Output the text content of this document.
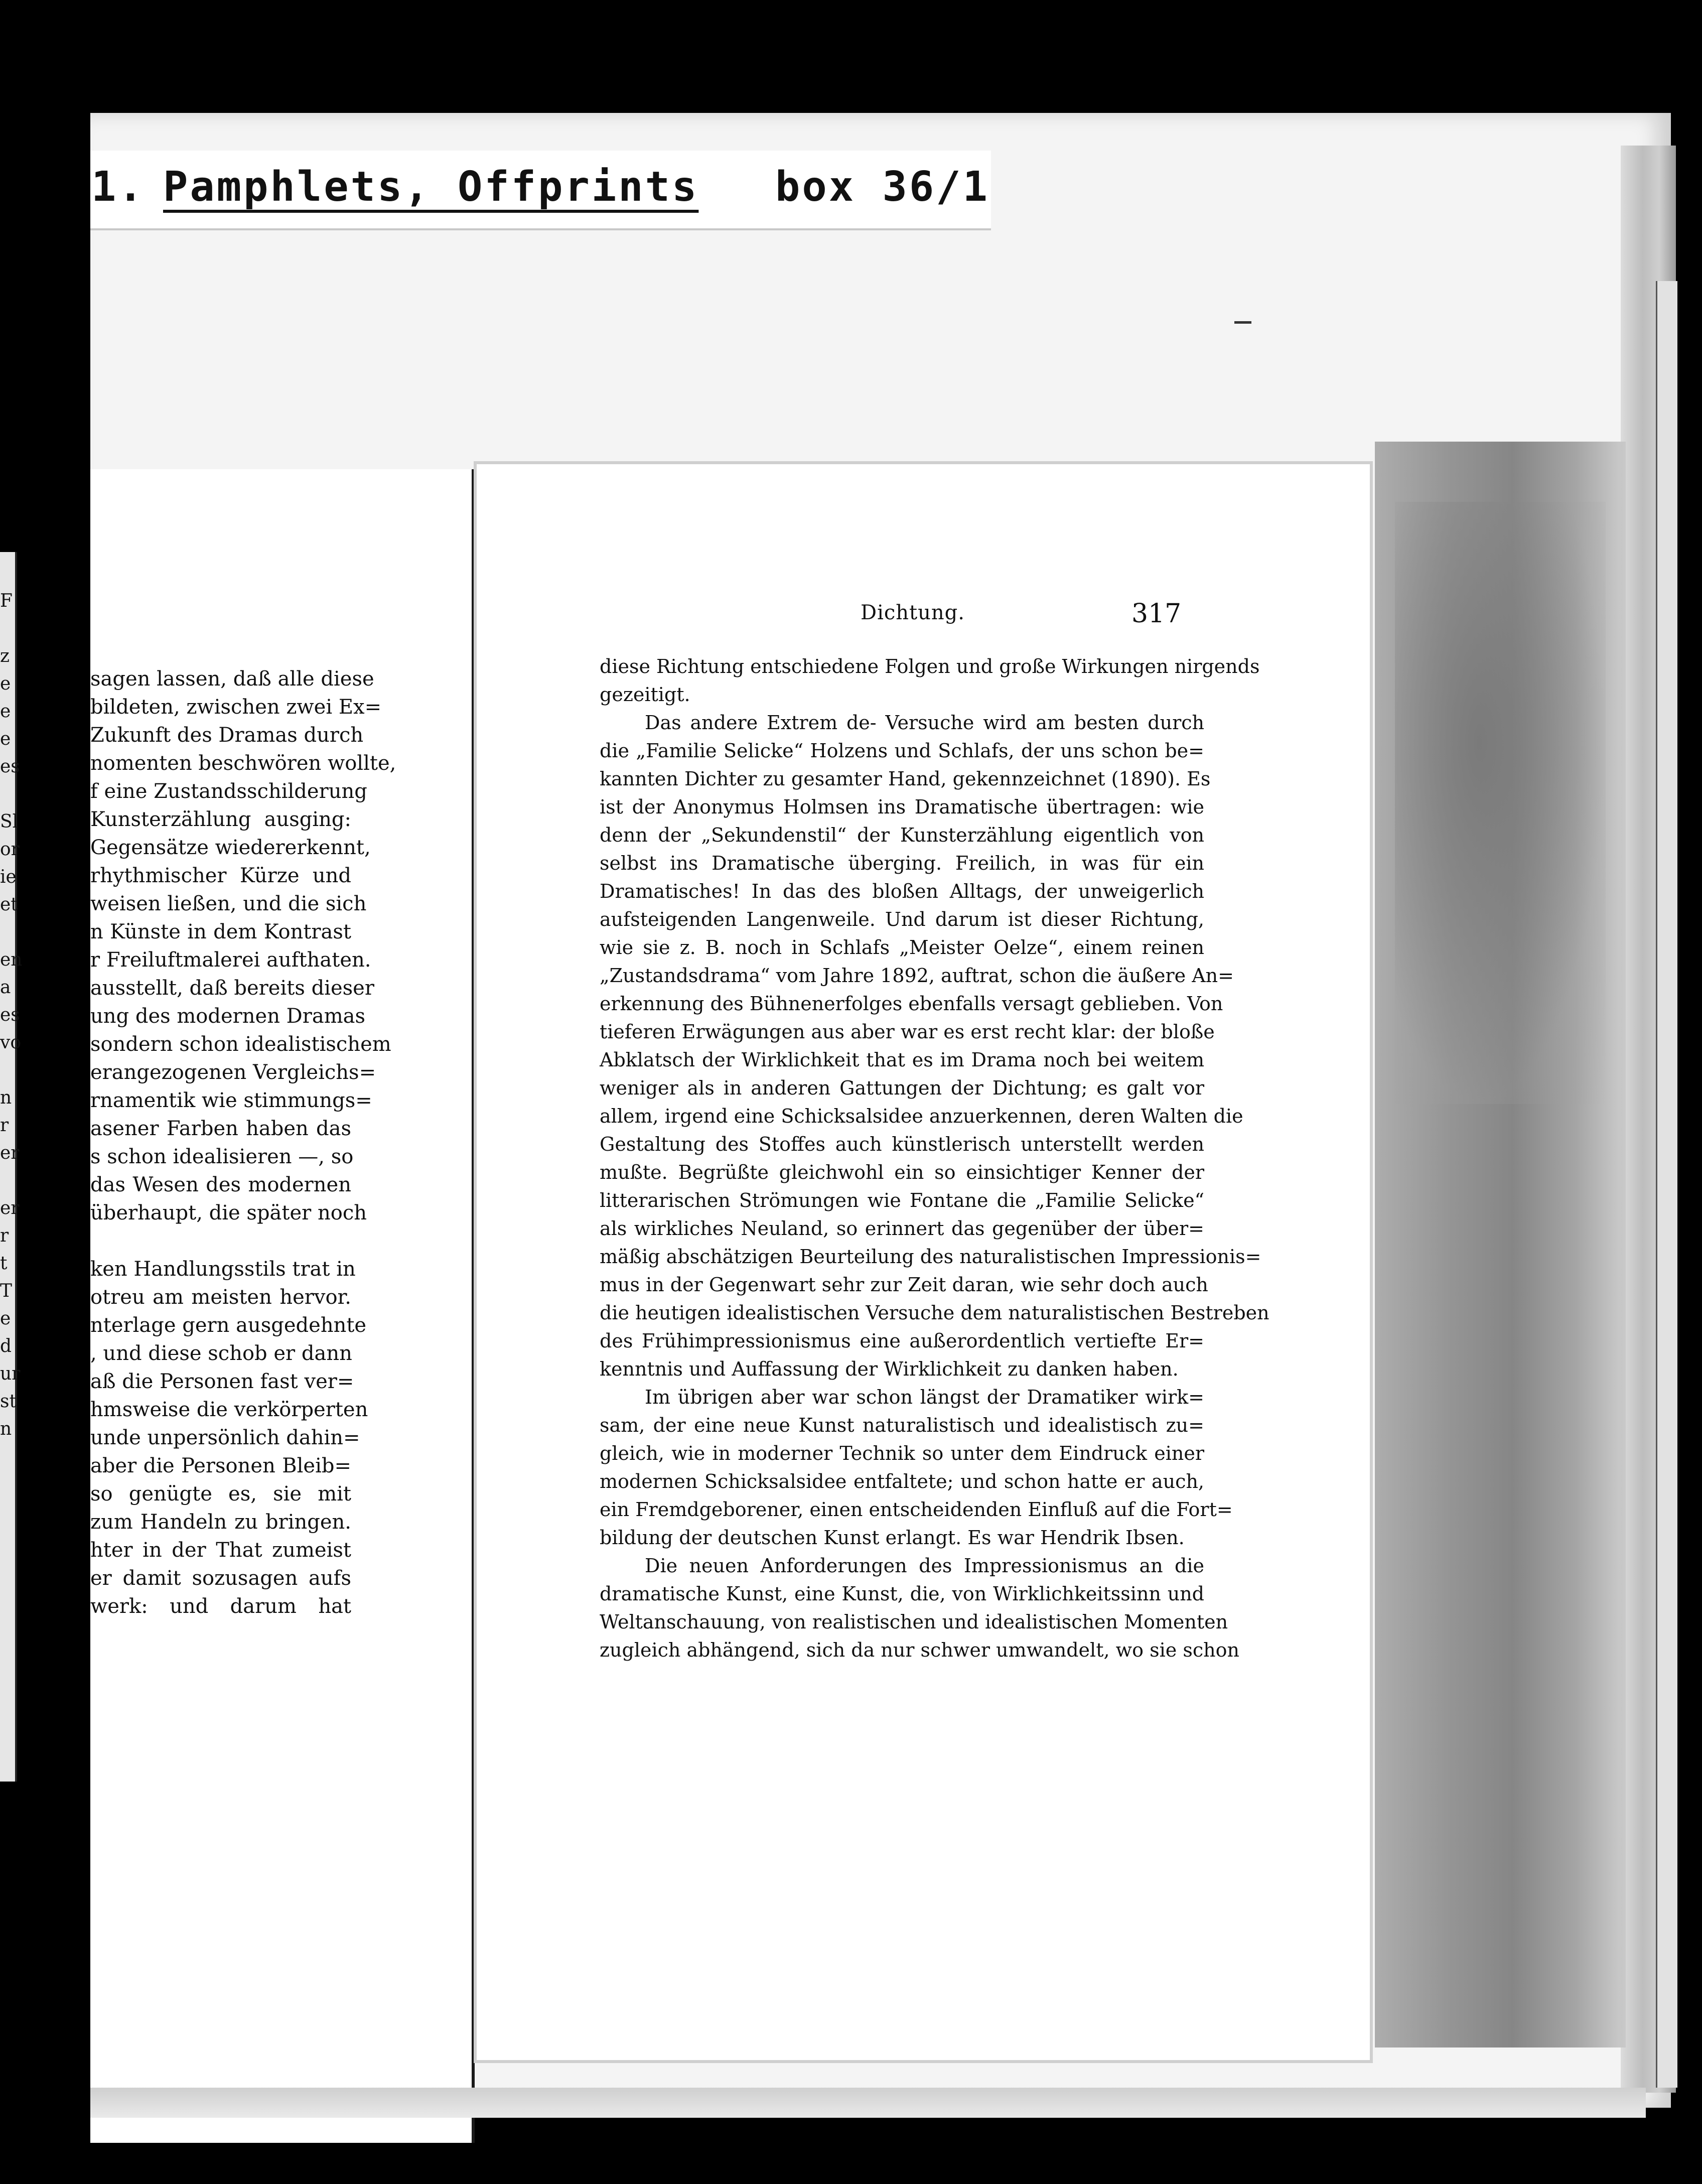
1. Pamphlets, Offprints box 36/1
F
z
e
e
e
es
Sl
or
ie
et
en
a
es
vo
n
r
er
er
r
t
T
e
d
ur
st
n
sagen lassen, daß alle diese
bildeten, zwischen zwei Ex=
Zukunft des Dramas durch
nomenten beschwören wollte,
f eine Zustandsschilderung
Kunsterzählung ausging:
Gegensätze wiedererkennt,
rhythmischer Kürze und
weisen ließen, und die sich
n Künste in dem Kontrast
r Freiluftmalerei aufthaten.
ausstellt, daß bereits dieser
ung des modernen Dramas
sondern schon idealistischem
erangezogenen Vergleichs=
rnamentik wie stimmungs=
asener Farben haben das
s schon idealisieren —, so
das Wesen des modernen
überhaupt, die später noch
ken Handlungsstils trat in
otreu am meisten hervor.
nterlage gern ausgedehnte
, und diese schob er dann
aß die Personen fast ver=
hmsweise die verkörperten
unde unpersönlich dahin=
aber die Personen Bleib=
so genügte es, sie mit
zum Handeln zu bringen.
hter in der That zumeist
er damit sozusagen aufs
werk: und darum hat
Dichtung.	317
diese Richtung entschiedene Folgen und große Wirkungen nirgends
gezeitigt.
Das andere Extrem de- Versuche wird am besten durch
die „Familie Selicke“ Holzens und Schlafs, der uns schon be=
kannten Dichter zu gesamter Hand, gekennzeichnet (1890). Es
ist der Anonymus Holmsen ins Dramatische übertragen: wie
denn der „Sekundenstil“ der Kunsterzählung eigentlich von
selbst ins Dramatische überging. Freilich, in was für ein
Dramatisches! In das des bloßen Alltags, der unweigerlich
aufsteigenden Langenweile. Und darum ist dieser Richtung,
wie sie z. B. noch in Schlafs „Meister Oelze“, einem reinen
„Zustandsdrama“ vom Jahre 1892, auftrat, schon die äußere An=
erkennung des Bühnenerfolges ebenfalls versagt geblieben. Von
tieferen Erwägungen aus aber war es erst recht klar: der bloße
Abklatsch der Wirklichkeit that es im Drama noch bei weitem
weniger als in anderen Gattungen der Dichtung; es galt vor
allem, irgend eine Schicksalsidee anzuerkennen, deren Walten die
Gestaltung des Stoffes auch künstlerisch unterstellt werden
mußte. Begrüßte gleichwohl ein so einsichtiger Kenner der
litterarischen Strömungen wie Fontane die „Familie Selicke“
als wirkliches Neuland, so erinnert das gegenüber der über=
mäßig abschätzigen Beurteilung des naturalistischen Impressionis=
mus in der Gegenwart sehr zur Zeit daran, wie sehr doch auch
die heutigen idealistischen Versuche dem naturalistischen Bestreben
des Frühimpressionismus eine außerordentlich vertiefte Er=
kenntnis und Auffassung der Wirklichkeit zu danken haben.
Im übrigen aber war schon längst der Dramatiker wirk=
sam, der eine neue Kunst naturalistisch und idealistisch zu=
gleich, wie in moderner Technik so unter dem Eindruck einer
modernen Schicksalsidee entfaltete; und schon hatte er auch,
ein Fremdgeborener, einen entscheidenden Einfluß auf die Fort=
bildung der deutschen Kunst erlangt. Es war Hendrik Ibsen.
Die neuen Anforderungen des Impressionismus an die
dramatische Kunst, eine Kunst, die, von Wirklichkeitssinn und
Weltanschauung, von realistischen und idealistischen Momenten
zugleich abhängend, sich da nur schwer umwandelt, wo sie schon
